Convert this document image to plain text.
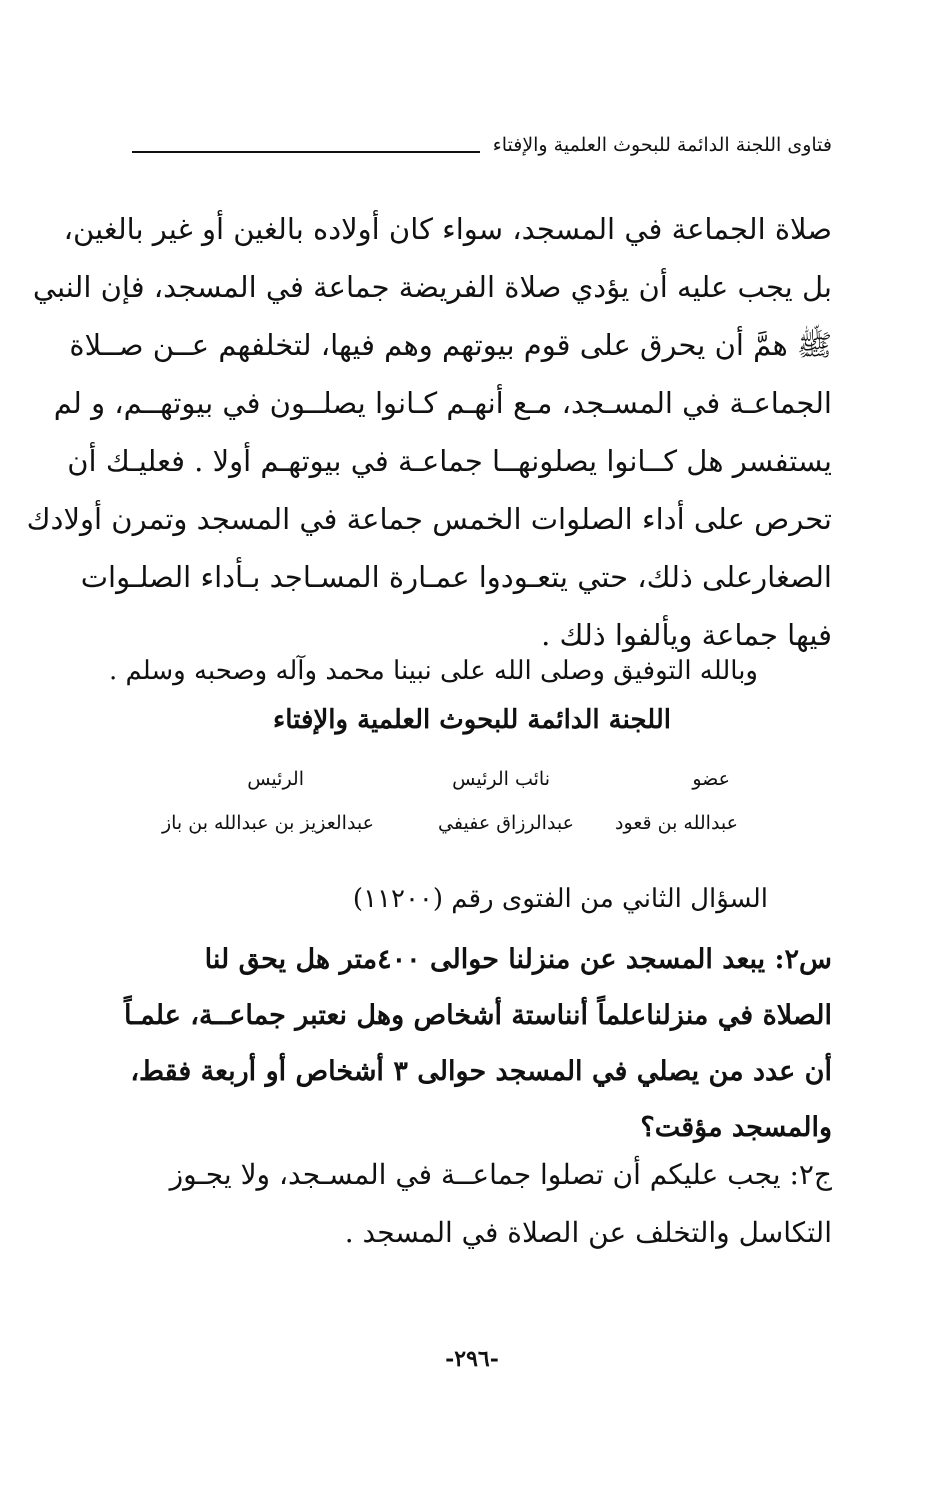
فتاوى اللجنة الدائمة للبحوث العلمية والإفتاء
صلاة الجماعة في المسجد، سواء كان أولاده بالغين أو غير بالغين،
بل يجب عليه أن يؤدي صلاة الفريضة جماعة في المسجد، فإن النبي
ﷺ همَّ أن يحرق على قوم بيوتهم وهم فيها، لتخلفهم عــن صــلاة
الجماعـة في المسـجد، مـع أنهـم كـانوا يصلــون في بيوتهــم، و لم
يستفسر هل كــانوا يصلونهــا جماعـة في بيوتهـم أولا . فعليـك أن
تحرص على أداء الصلوات الخمس جماعة في المسجد وتمرن أولادك
الصغارعلى ذلك، حتي يتعـودوا عمـارة المسـاجد بـأداء الصلـوات
فيها جماعة ويألفوا ذلك .
وبالله التوفيق وصلى الله على نبينا محمد وآله وصحبه وسلم .
اللجنة الدائمة للبحوث العلمية والإفتاء
عضو
نائب الرئيس
الرئيس
عبدالله بن قعود
عبدالرزاق عفيفي
عبدالعزيز بن عبدالله بن باز
السؤال الثاني من الفتوى رقم (١١٢٠٠)
س٢: يبعد المسجد عن منزلنا حوالى ٤٠٠متر هل يحق لنا
الصلاة في منزلناعلماً أنناستة أشخاص وهل نعتبر جماعــة، علمـاً
أن عدد من يصلي في المسجد حوالى ٣ أشخاص أو أربعة فقط،
والمسجد مؤقت؟
ج٢: يجب عليكم أن تصلوا جماعــة في المسـجد، ولا يجـوز
التكاسل والتخلف عن الصلاة في المسجد .
-٢٩٦-
